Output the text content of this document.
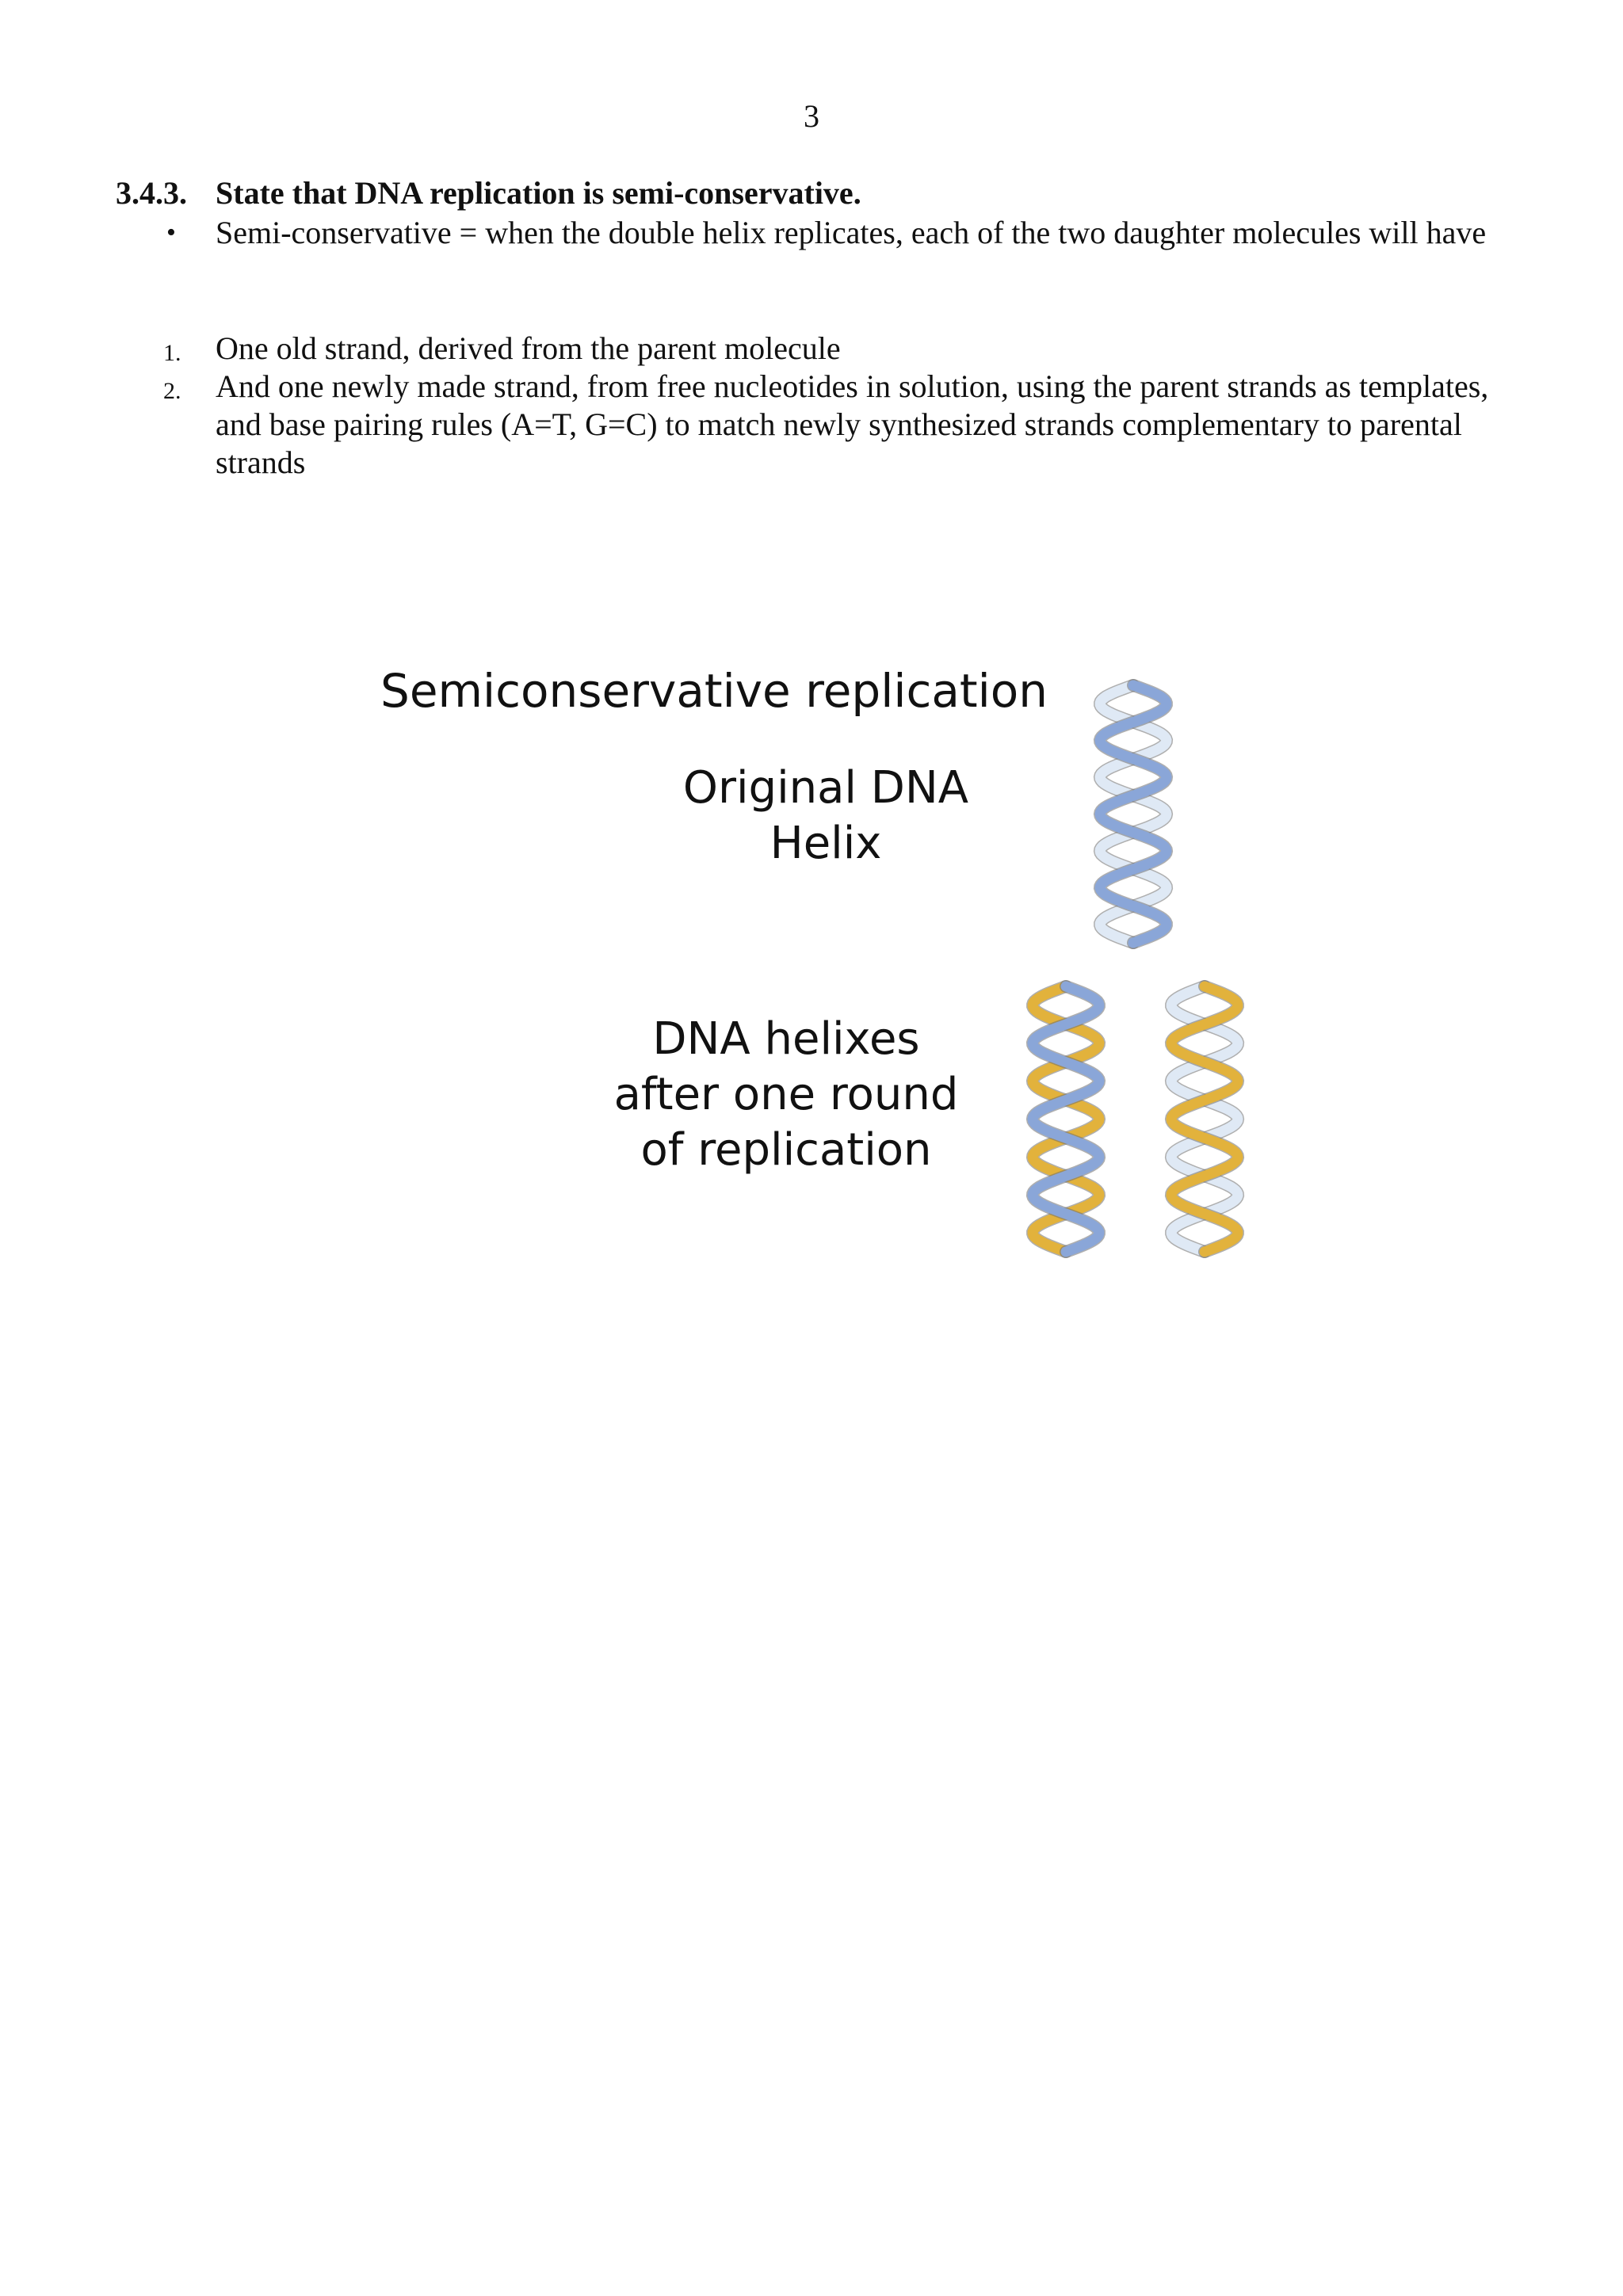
3
3.4.3. State that DNA replication is semi-conservative.
• Semi-conservative = when the double helix replicates, each of the two daughter molecules will have
1. One old strand, derived from the parent molecule
2. And one newly made strand, from free nucleotides in solution, using the parent strands as templates, and base pairing rules (A=T, G=C) to match newly synthesized strands complementary to parental strands
Semiconservative replication
Original DNA
Helix
DNA helixes
after one round
of replication
